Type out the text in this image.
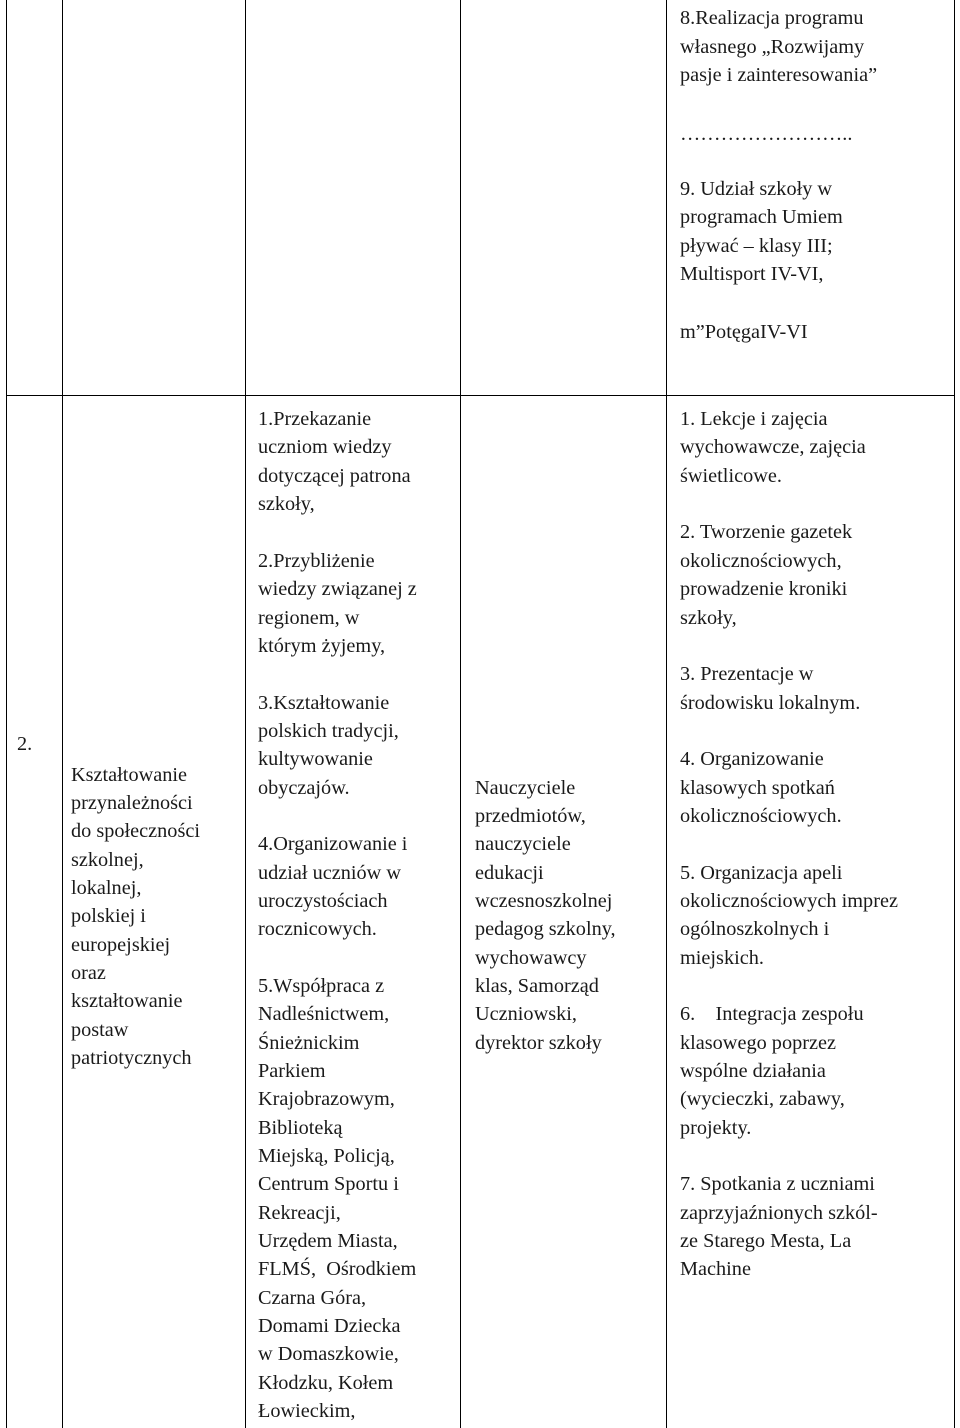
8.Realizacja programu

własnego „Rozwijamy

pasje i zainteresowania”

……………………..

9. Udział szkoły w

programach Umiem

pływać – klasy III;

Multisport IV-VI,

m”PotęgaIV-VI

2.

Kształtowanie

przynależności

do społeczności

szkolnej,

lokalnej,

polskiej i

europejskiej

oraz

kształtowanie

postaw

patriotycznych

1.Przekazanie

uczniom wiedzy

dotyczącej patrona

szkoły,

2.Przybliżenie

wiedzy związanej z

regionem, w

którym żyjemy,

3.Kształtowanie

polskich tradycji,

kultywowanie

obyczajów.

4.Organizowanie i

udział uczniów w

uroczystościach

rocznicowych.

5.Współpraca z

Nadleśnictwem,

Śnieżnickim

Parkiem

Krajobrazowym,

Biblioteką

Miejską, Policją,

Centrum Sportu i

Rekreacji,

Urzędem Miasta,

FLMŚ,  Ośrodkiem

Czarna Góra,

Domami Dziecka

w Domaszkowie,

Kłodzku, Kołem

Łowieckim,

Nauczyciele

przedmiotów,

nauczyciele

edukacji

wczesnoszkolnej

pedagog szkolny,

wychowawcy

klas, Samorząd

Uczniowski,

dyrektor szkoły

1. Lekcje i zajęcia

wychowawcze, zajęcia

świetlicowe.

2. Tworzenie gazetek

okolicznościowych,

prowadzenie kroniki

szkoły,

3. Prezentacje w

środowisku lokalnym.

4. Organizowanie

klasowych spotkań

okolicznościowych.

5. Organizacja apeli

okolicznościowych imprez

ogólnoszkolnych i

miejskich.

6.    Integracja zespołu

klasowego poprzez

wspólne działania

(wycieczki, zabawy,

projekty.

7. Spotkania z uczniami

zaprzyjaźnionych szkól-

ze Starego Mesta, La

Machine
